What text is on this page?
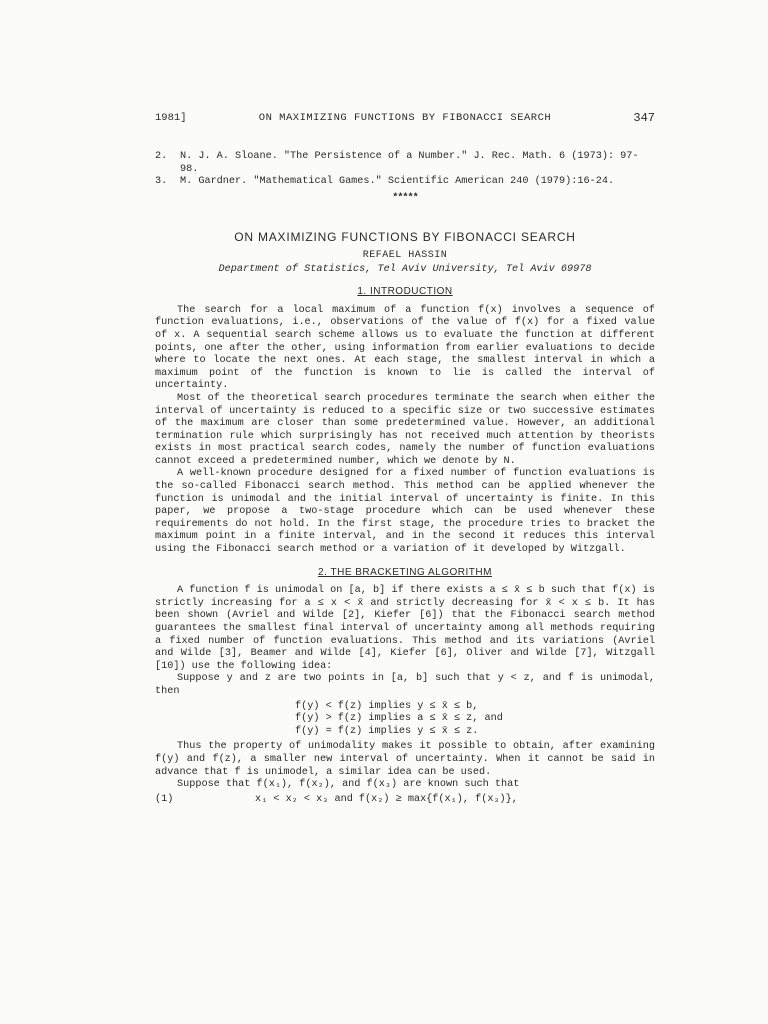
1981]	ON MAXIMIZING FUNCTIONS BY FIBONACCI SEARCH	347
2.	N. J. A. Sloane. "The Persistence of a Number." J. Rec. Math. 6 (1973): 97-98.
3.	M. Gardner. "Mathematical Games." Scientific American 240 (1979):16-24.
*****
ON MAXIMIZING FUNCTIONS BY FIBONACCI SEARCH
REFAEL HASSIN
Department of Statistics, Tel Aviv University, Tel Aviv 69978
1. INTRODUCTION

The search for a local maximum of a function f(x) involves a sequence of function evaluations, i.e., observations of the value of f(x) for a fixed value of x. A sequential search scheme allows us to evaluate the function at different points, one after the other, using information from earlier evaluations to decide where to locate the next ones. At each stage, the smallest interval in which a maximum point of the function is known to lie is called the interval of uncertainty.

Most of the theoretical search procedures terminate the search when either the interval of uncertainty is reduced to a specific size or two successive estimates of the maximum are closer than some predetermined value. However, an additional termination rule which surprisingly has not received much attention by theorists exists in most practical search codes, namely the number of function evaluations cannot exceed a predetermined number, which we denote by N.

A well-known procedure designed for a fixed number of function evaluations is the so-called Fibonacci search method. This method can be applied whenever the function is unimodal and the initial interval of uncertainty is finite. In this paper, we propose a two-stage procedure which can be used whenever these requirements do not hold. In the first stage, the procedure tries to bracket the maximum point in a finite interval, and in the second it reduces this interval using the Fibonacci search method or a variation of it developed by Witzgall.

2. THE BRACKETING ALGORITHM

A function f is unimodal on [a, b] if there exists a ≤ x̄ ≤ b such that f(x) is strictly increasing for a ≤ x < x̄ and strictly decreasing for x̄ < x ≤ b. It has been shown (Avriel and Wilde [2], Kiefer [6]) that the Fibonacci search method guarantees the smallest final interval of uncertainty among all methods requiring a fixed number of function evaluations. This method and its variations (Avriel and Wilde [3], Beamer and Wilde [4], Kiefer [6], Oliver and Wilde [7], Witzgall [10]) use the following idea:

Suppose y and z are two points in [a, b] such that y < z, and f is unimodal, then

f(y) < f(z) implies y ≤ x̄ ≤ b,
f(y) > f(z) implies a ≤ x̄ ≤ z, and
f(y) = f(z) implies y ≤ x̄ ≤ z.

Thus the property of unimodality makes it possible to obtain, after examining f(y) and f(z), a smaller new interval of uncertainty. When it cannot be said in advance that f is unimodel, a similar idea can be used.

Suppose that f(x₁), f(x₂), and f(x₃) are known such that

(1)	x₁ < x₂ < x₃ and f(x₂) ≥ max{f(x₁), f(x₃)},
